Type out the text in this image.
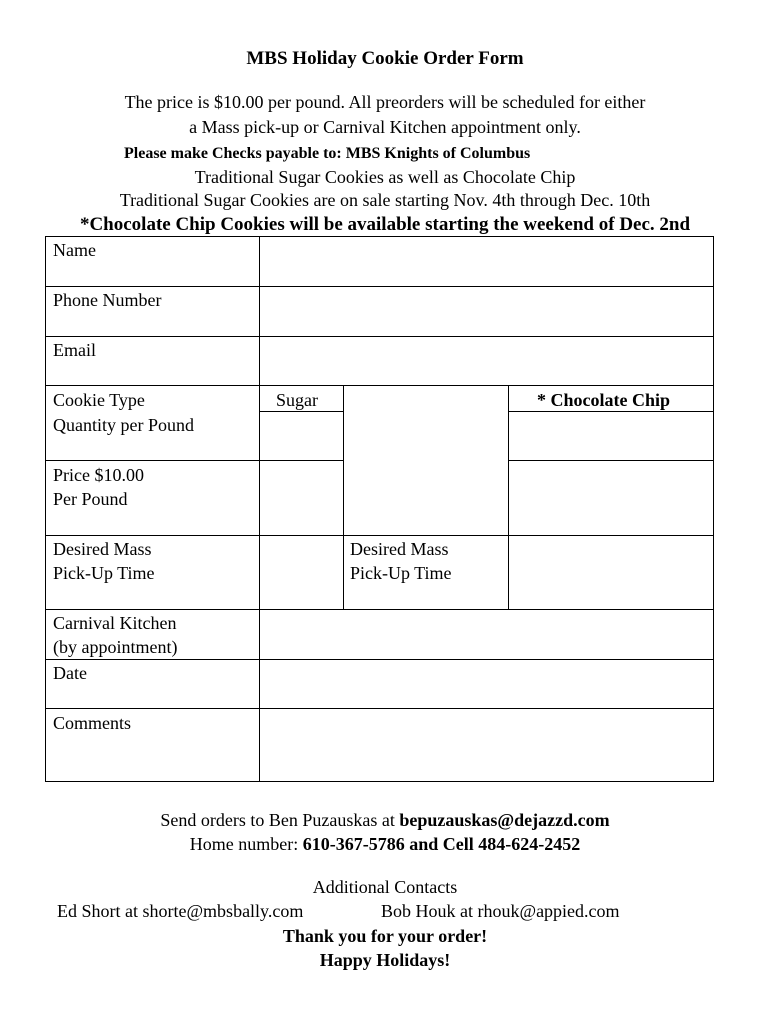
MBS Holiday Cookie Order Form
The price is $10.00 per pound. All preorders will be scheduled for either
a Mass pick-up or Carnival Kitchen appointment only.
Please make Checks payable to: MBS Knights of Columbus
Traditional Sugar Cookies as well as Chocolate Chip
Traditional Sugar Cookies are on sale starting Nov. 4th through Dec. 10th
*Chocolate Chip Cookies will be available starting the weekend of Dec. 2nd
Name
Phone Number
Email
Cookie Type
Quantity per Pound
Sugar	* Chocolate Chip
Price $10.00
Per Pound
Desired Mass
Pick-Up Time
Desired Mass
Pick-Up Time
Carnival Kitchen
(by appointment)
Date
Comments
Send orders to Ben Puzauskas at bepuzauskas@dejazzd.com
Home number: 610-367-5786 and Cell 484-624-2452
Additional Contacts
Ed Short at shorte@mbsbally.com	Bob Houk at rhouk@appied.com
Thank you for your order!
Happy Holidays!
